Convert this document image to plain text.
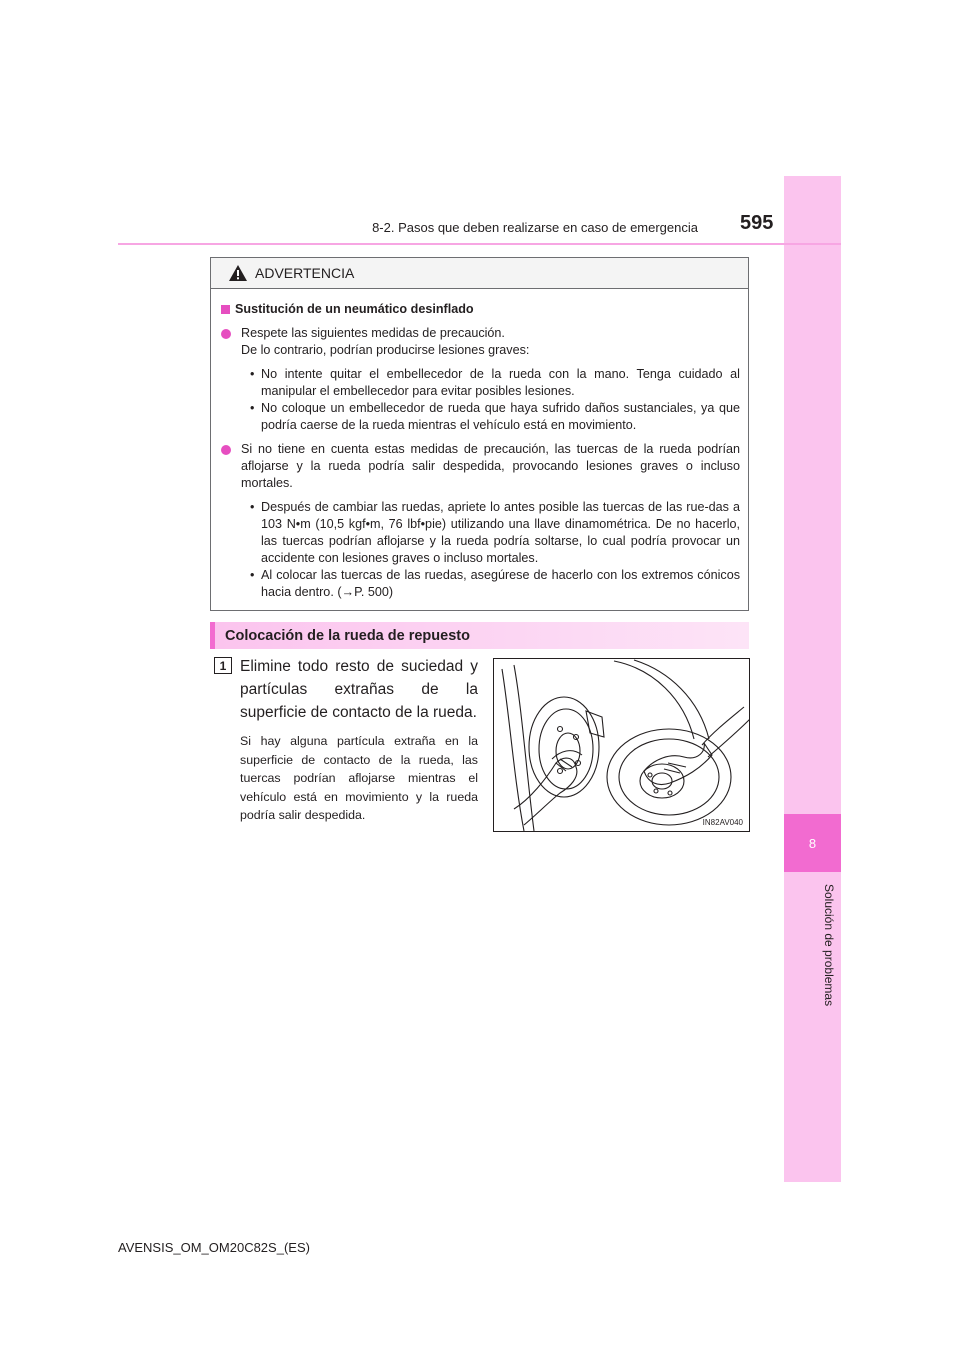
8
Solución de problemas
8-2. Pasos que deben realizarse en caso de emergencia 595
ADVERTENCIA
Sustitución de un neumático desinflado
Respete las siguientes medidas de precaución.
De lo contrario, podrían producirse lesiones graves:
• No intente quitar el embellecedor de la rueda con la mano. Tenga cuidado al manipular el embellecedor para evitar posibles lesiones.
• No coloque un embellecedor de rueda que haya sufrido daños sustanciales, ya que podría caerse de la rueda mientras el vehículo está en movimiento.
Si no tiene en cuenta estas medidas de precaución, las tuercas de la rueda podrían aflojarse y la rueda podría salir despedida, provocando lesiones graves o incluso mortales.
• Después de cambiar las ruedas, apriete lo antes posible las tuercas de las rue-das a 103 N•m (10,5 kgf•m, 76 lbf•pie) utilizando una llave dinamométrica. De no hacerlo, las tuercas podrían aflojarse y la rueda podría soltarse, lo cual podría provocar un accidente con lesiones graves o incluso mortales.
• Al colocar las tuercas de las ruedas, asegúrese de hacerlo con los extremos cónicos hacia dentro. (→P. 500)
Colocación de la rueda de repuesto
1 Elimine todo resto de suciedad y partículas extrañas de la superficie de contacto de la rueda.
Si hay alguna partícula extraña en la superficie de contacto de la rueda, las tuercas podrían aflojarse mientras el vehículo está en movimiento y la rueda podría salir despedida.
IN82AV040
AVENSIS_OM_OM20C82S_(ES)
